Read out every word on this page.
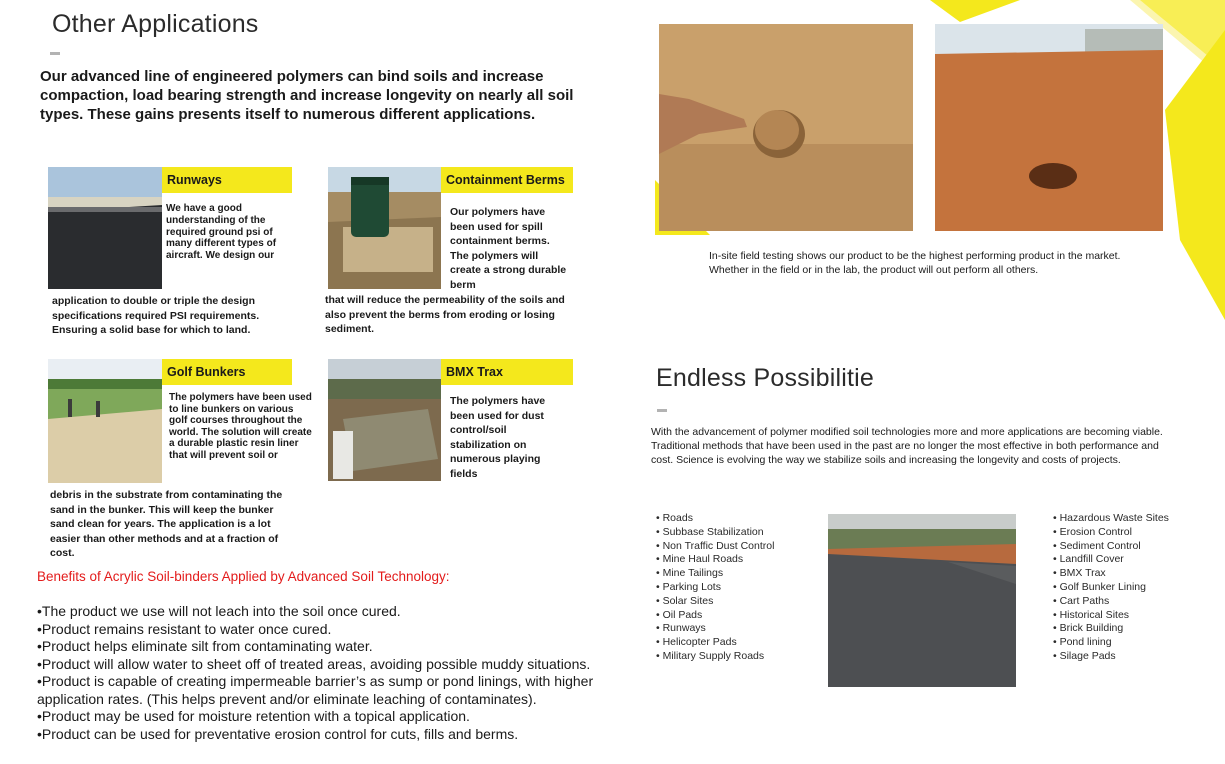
Other Applications
Our advanced line of engineered polymers can bind soils and increase compaction, load bearing strength and increase longevity on nearly all soil types. These gains presents itself to numerous different applications.
Runways
We have a good understanding of the required ground psi of many different types of aircraft. We design our
application to double or triple the design specifications required PSI requirements. Ensuring a solid base for which to land.
Containment Berms
Our polymers have been used for spill containment berms. The polymers will create a strong durable berm
that will reduce the permeability of the soils and also prevent the berms from eroding or losing sediment.
Golf Bunkers
The polymers have been used to line bunkers on various golf courses throughout the world. The solution will create a durable plastic resin liner that will prevent soil or
debris in the substrate from contaminating the sand in the bunker. This will keep the bunker sand clean for years. The application is a lot easier than other methods and at a fraction of cost.
BMX Trax
The polymers have been used for dust control/soil stabilization on numerous playing fields
Benefits of Acrylic Soil-binders Applied by Advanced Soil Technology:
•The product we use will not leach into the soil once cured.
•Product remains resistant to water once cured.
•Product helps eliminate silt from contaminating water.
•Product will allow water to sheet off of treated areas, avoiding possible muddy situations.
•Product is capable of creating impermeable barrier’s as sump or pond linings, with higher application rates. (This helps prevent and/or eliminate leaching of contaminates).
•Product may be used for moisture retention with a topical application.
•Product can be used for preventative erosion control for cuts, fills and berms.
In-site field testing shows our product to be the highest performing product in the market. Whether in the field or in the lab, the product will out perform all others.
Endless Possibilitie
With the advancement of polymer modified soil technologies more and more applications are becoming viable. Traditional methods that have been used in the past are no longer the most effective in both performance and cost. Science is evolving the way we stabilize soils and increasing the longevity and costs of projects.
• Roads
• Subbase Stabilization
• Non Traffic Dust Control
• Mine Haul Roads
• Mine Tailings
• Parking Lots
• Solar Sites
• Oil Pads
• Runways
• Helicopter Pads
• Military Supply Roads
• Hazardous Waste Sites
• Erosion Control
• Sediment Control
• Landfill Cover
• BMX Trax
• Golf Bunker Lining
• Cart Paths
• Historical Sites
• Brick Building
• Pond lining
• Silage Pads
